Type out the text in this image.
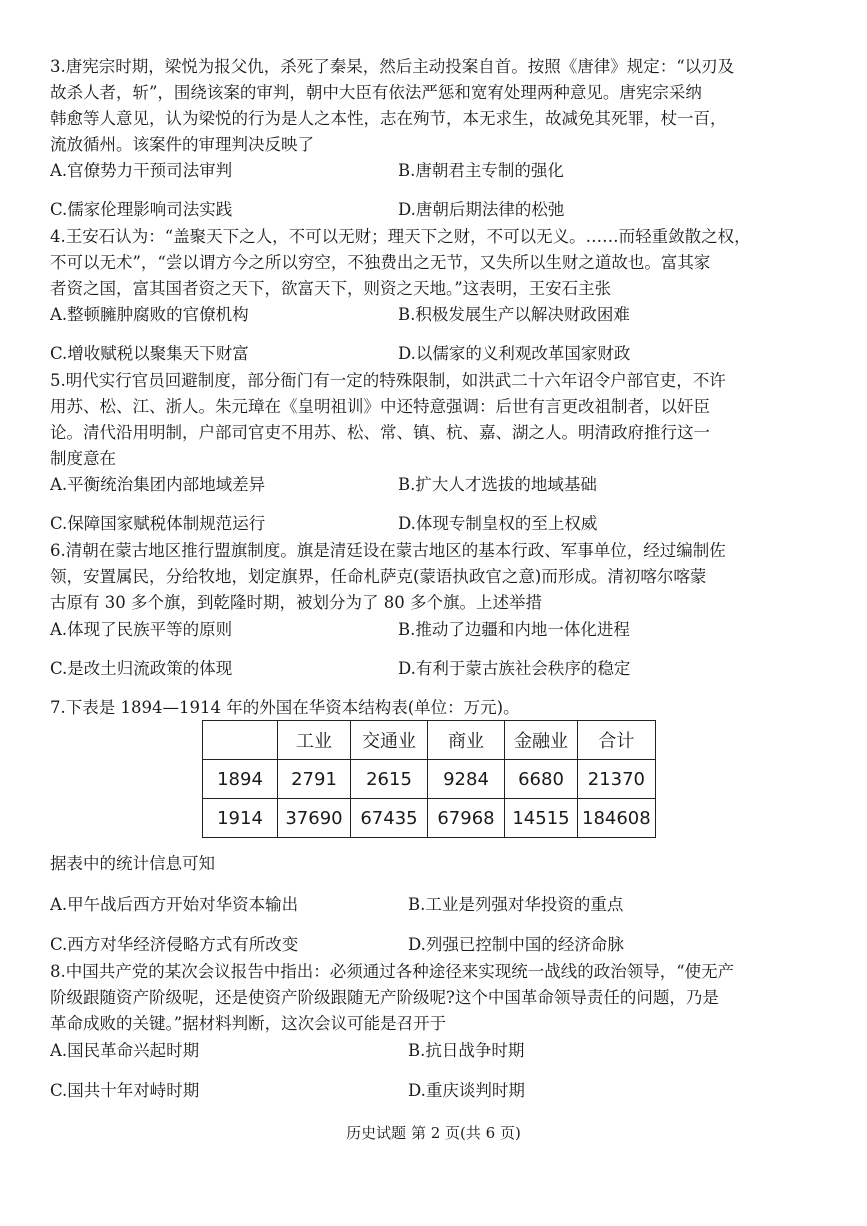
3.唐宪宗时期，梁悦为报父仇，杀死了秦杲，然后主动投案自首。按照《唐律》规定：“以刃及
故杀人者，斩”，围绕该案的审判，朝中大臣有依法严惩和宽宥处理两种意见。唐宪宗采纳
韩愈等人意见，认为梁悦的行为是人之本性，志在殉节，本无求生，故减免其死罪，杖一百，
流放循州。该案件的审理判决反映了
A.官僚势力干预司法审判	B.唐朝君主专制的强化
C.儒家伦理影响司法实践	D.唐朝后期法律的松弛
4.王安石认为：“盖聚天下之人，不可以无财；理天下之财，不可以无义。……而轻重敛散之权，
不可以无术”，“尝以谓方今之所以穷空，不独费出之无节，又失所以生财之道故也。富其家
者资之国，富其国者资之天下，欲富天下，则资之天地。”这表明，王安石主张
A.整顿臃肿腐败的官僚机构	B.积极发展生产以解决财政困难
C.增收赋税以聚集天下财富	D.以儒家的义利观改革国家财政
5.明代实行官员回避制度，部分衙门有一定的特殊限制，如洪武二十六年诏令户部官吏，不许
用苏、松、江、浙人。朱元璋在《皇明祖训》中还特意强调：后世有言更改祖制者，以奸臣
论。清代沿用明制，户部司官吏不用苏、松、常、镇、杭、嘉、湖之人。明清政府推行这一
制度意在
A.平衡统治集团内部地域差异	B.扩大人才选拔的地域基础
C.保障国家赋税体制规范运行	D.体现专制皇权的至上权威
6.清朝在蒙古地区推行盟旗制度。旗是清廷设在蒙古地区的基本行政、军事单位，经过编制佐
领，安置属民，分给牧地，划定旗界，任命札萨克(蒙语执政官之意)而形成。清初喀尔喀蒙
古原有 30 多个旗，到乾隆时期，被划分为了 80 多个旗。上述举措
A.体现了民族平等的原则	B.推动了边疆和内地一体化进程
C.是改土归流政策的体现	D.有利于蒙古族社会秩序的稳定
7.下表是 1894—1914 年的外国在华资本结构表(单位：万元)。
	工业	交通业	商业	金融业	合计
1894	2791	2615	9284	6680	21370
1914	37690	67435	67968	14515	184608
据表中的统计信息可知
A.甲午战后西方开始对华资本输出	B.工业是列强对华投资的重点
C.西方对华经济侵略方式有所改变	D.列强已控制中国的经济命脉
8.中国共产党的某次会议报告中指出：必须通过各种途径来实现统一战线的政治领导，“使无产
阶级跟随资产阶级呢，还是使资产阶级跟随无产阶级呢?这个中国革命领导责任的问题，乃是
革命成败的关键。”据材料判断，这次会议可能是召开于
A.国民革命兴起时期	B.抗日战争时期
C.国共十年对峙时期	D.重庆谈判时期
历史试题 第 2 页(共 6 页)
